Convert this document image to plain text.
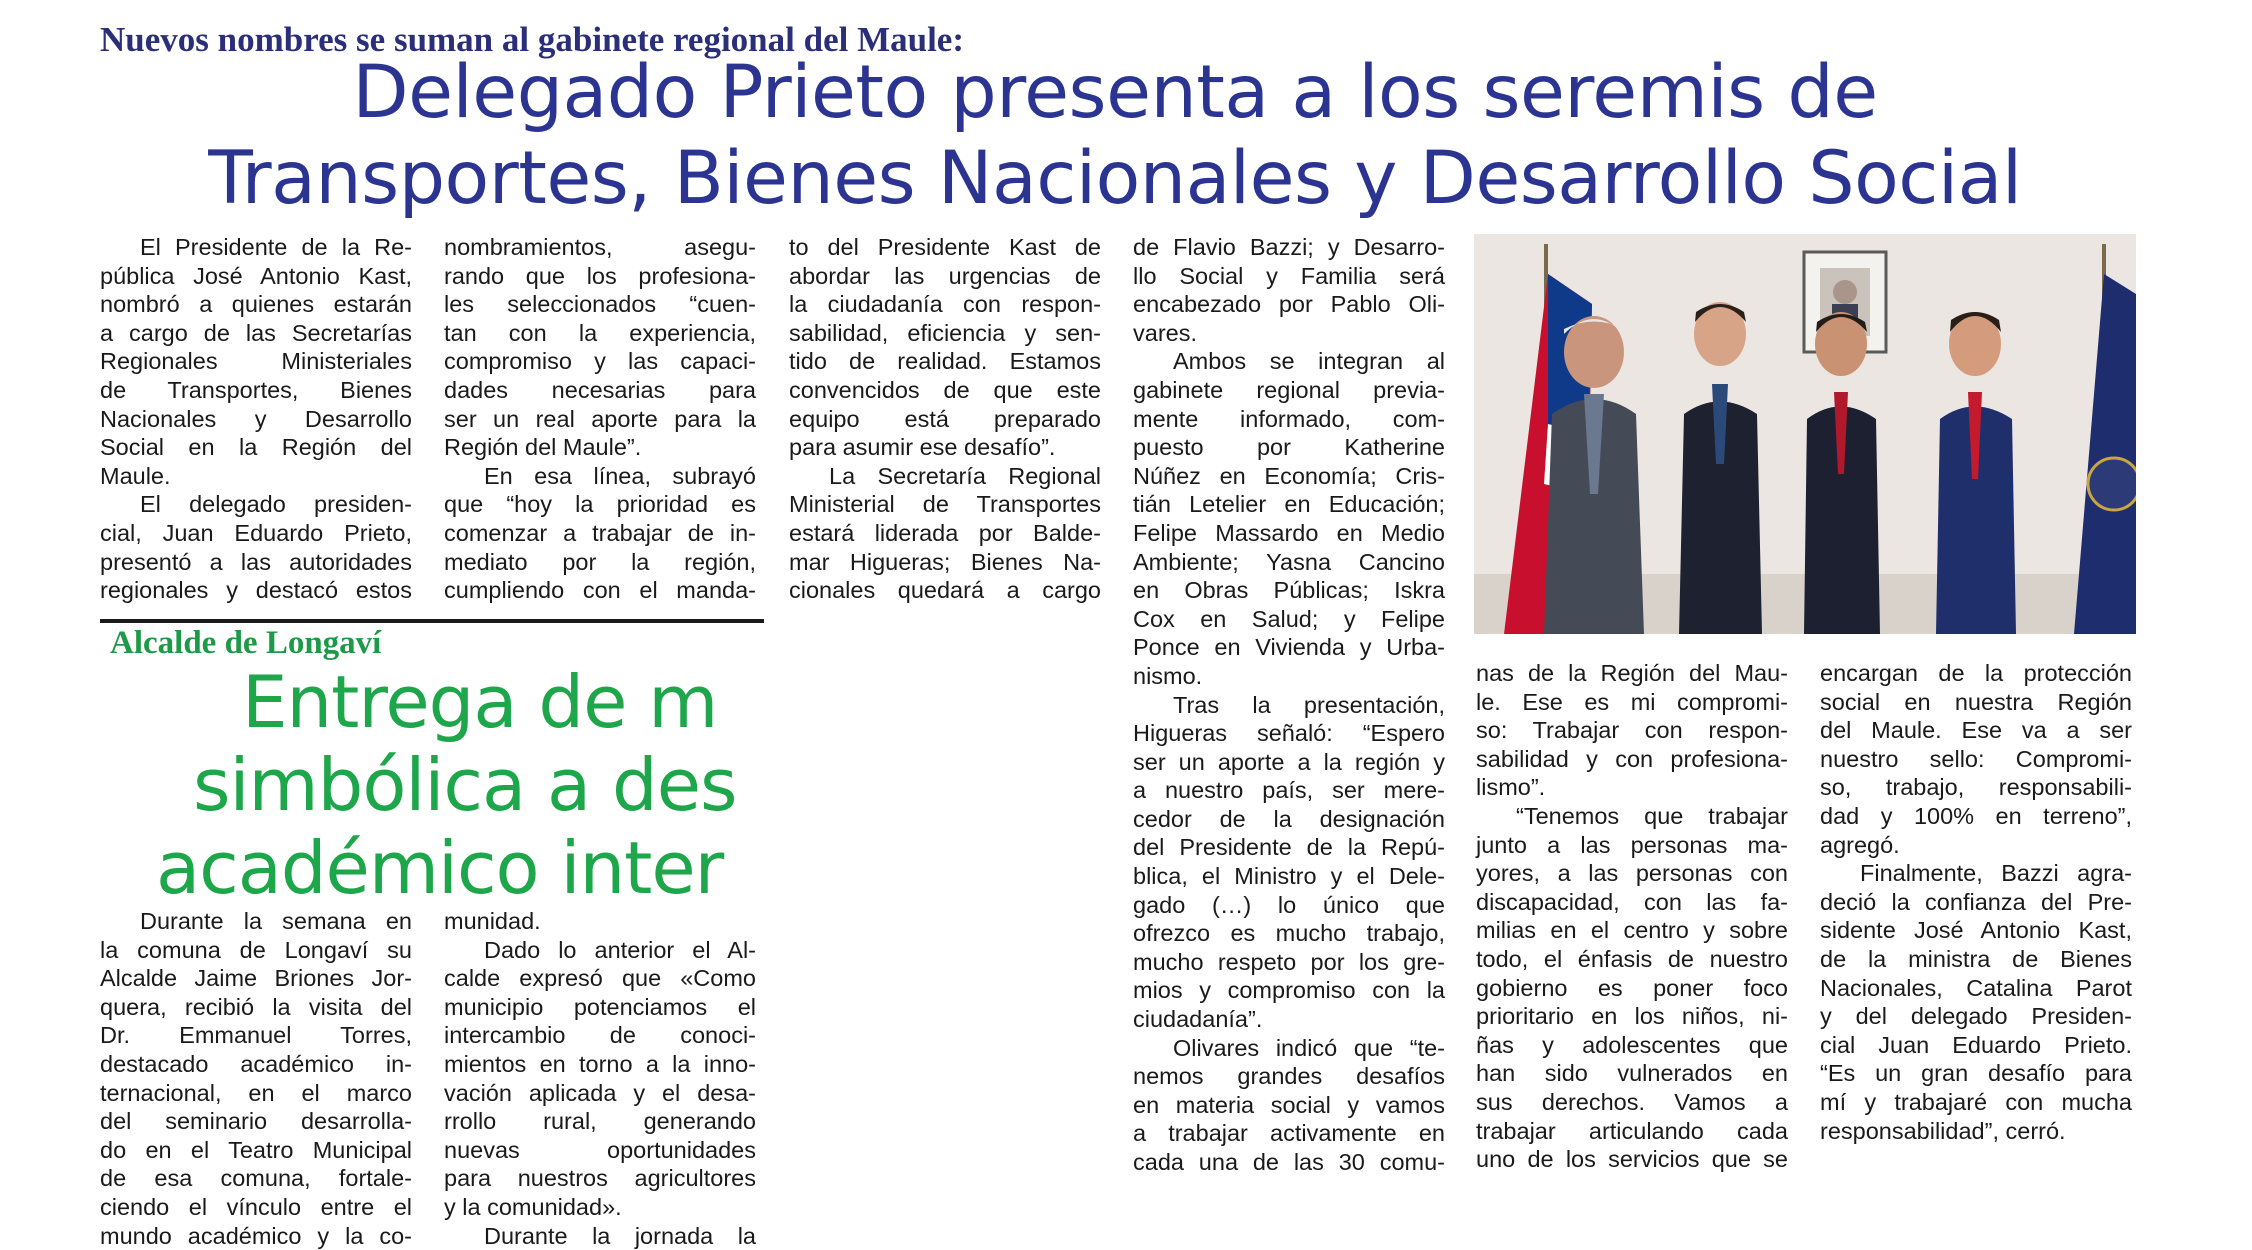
Nuevos nombres se suman al gabinete regional del Maule:
Delegado Prieto presenta a los seremis de
Transportes, Bienes Nacionales y Desarrollo Social
El Presidente de la Re-
pública José Antonio Kast,
nombró a quienes estarán
a cargo de las Secretarías
Regionales Ministeriales
de Transportes, Bienes
Nacionales y Desarrollo
Social en la Región del
Maule.
El delegado presiden-
cial, Juan Eduardo Prieto,
presentó a las autoridades
regionales y destacó estos
nombramientos, asegu-
rando que los profesiona-
les seleccionados “cuen-
tan con la experiencia,
compromiso y las capaci-
dades necesarias para
ser un real aporte para la
Región del Maule”.
En esa línea, subrayó
que “hoy la prioridad es
comenzar a trabajar de in-
mediato por la región,
cumpliendo con el manda-
to del Presidente Kast de
abordar las urgencias de
la ciudadanía con respon-
sabilidad, eficiencia y sen-
tido de realidad. Estamos
convencidos de que este
equipo está preparado
para asumir ese desafío”.
La Secretaría Regional
Ministerial de Transportes
estará liderada por Balde-
mar Higueras; Bienes Na-
cionales quedará a cargo
de Flavio Bazzi; y Desarro-
llo Social y Familia será
encabezado por Pablo Oli-
vares.
Ambos se integran al
gabinete regional previa-
mente informado, com-
puesto por Katherine
Núñez en Economía; Cris-
tián Letelier en Educación;
Felipe Massardo en Medio
Ambiente; Yasna Cancino
en Obras Públicas; Iskra
Cox en Salud; y Felipe
Ponce en Vivienda y Urba-
nismo.
Tras la presentación,
Higueras señaló: “Espero
ser un aporte a la región y
a nuestro país, ser mere-
cedor de la designación
del Presidente de la Repú-
blica, el Ministro y el Dele-
gado (…) lo único que
ofrezco es mucho trabajo,
mucho respeto por los gre-
mios y compromiso con la
ciudadanía”.
Olivares indicó que “te-
nemos grandes desafíos
en materia social y vamos
a trabajar activamente en
cada una de las 30 comu-
nas de la Región del Mau-
le. Ese es mi compromi-
so: Trabajar con respon-
sabilidad y con profesiona-
lismo”.
“Tenemos que trabajar
junto a las personas ma-
yores, a las personas con
discapacidad, con las fa-
milias en el centro y sobre
todo, el énfasis de nuestro
gobierno es poner foco
prioritario en los niños, ni-
ñas y adolescentes que
han sido vulnerados en
sus derechos. Vamos a
trabajar articulando cada
uno de los servicios que se
encargan de la protección
social en nuestra Región
del Maule. Ese va a ser
nuestro sello: Compromi-
so, trabajo, responsabili-
dad y 100% en terreno”,
agregó.
Finalmente, Bazzi agra-
deció la confianza del Pre-
sidente José Antonio Kast,
de la ministra de Bienes
Nacionales, Catalina Parot
y del delegado Presiden-
cial Juan Eduardo Prieto.
“Es un gran desafío para
mí y trabajaré con mucha
responsabilidad”, cerró.
Alcalde de Longaví
Entrega de m
simbólica a des
académico inter
Durante la semana en
la comuna de Longaví su
Alcalde Jaime Briones Jor-
quera, recibió la visita del
Dr. Emmanuel Torres,
destacado académico in-
ternacional, en el marco
del seminario desarrolla-
do en el Teatro Municipal
de esa comuna, fortale-
ciendo el vínculo entre el
mundo académico y la co-
munidad.
Dado lo anterior el Al-
calde expresó que «Como
municipio potenciamos el
intercambio de conoci-
mientos en torno a la inno-
vación aplicada y el desa-
rrollo rural, generando
nuevas oportunidades
para nuestros agricultores
y la comunidad».
Durante la jornada la
